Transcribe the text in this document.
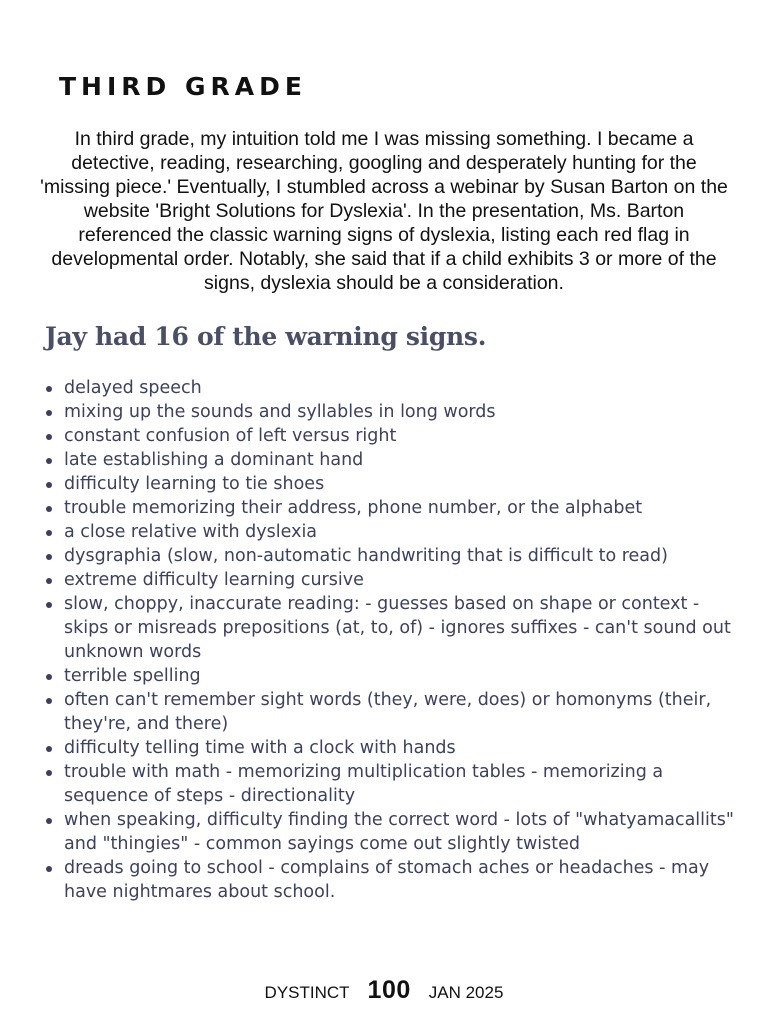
THIRD GRADE

In third grade, my intuition told me I was missing something. I became a detective, reading, researching, googling and desperately hunting for the 'missing piece.' Eventually, I stumbled across a webinar by Susan Barton on the website 'Bright Solutions for Dyslexia'. In the presentation, Ms. Barton referenced the classic warning signs of dyslexia, listing each red flag in developmental order. Notably, she said that if a child exhibits 3 or more of the signs, dyslexia should be a consideration.

Jay had 16 of the warning signs.
delayed speech
mixing up the sounds and syllables in long words
constant confusion of left versus right
late establishing a dominant hand
difficulty learning to tie shoes
trouble memorizing their address, phone number, or the alphabet
a close relative with dyslexia
dysgraphia (slow, non-automatic handwriting that is difficult to read)
extreme difficulty learning cursive
slow, choppy, inaccurate reading: - guesses based on shape or context - skips or misreads prepositions (at, to, of) - ignores suffixes - can't sound out unknown words
terrible spelling
often can't remember sight words (they, were, does) or homonyms (their, they're, and there)
difficulty telling time with a clock with hands
trouble with math - memorizing multiplication tables - memorizing a sequence of steps - directionality
when speaking, difficulty finding the correct word - lots of "whatyamacallits" and "thingies" - common sayings come out slightly twisted
dreads going to school - complains of stomach aches or headaches - may have nightmares about school.
DYSTINCT 100 JAN 2025
